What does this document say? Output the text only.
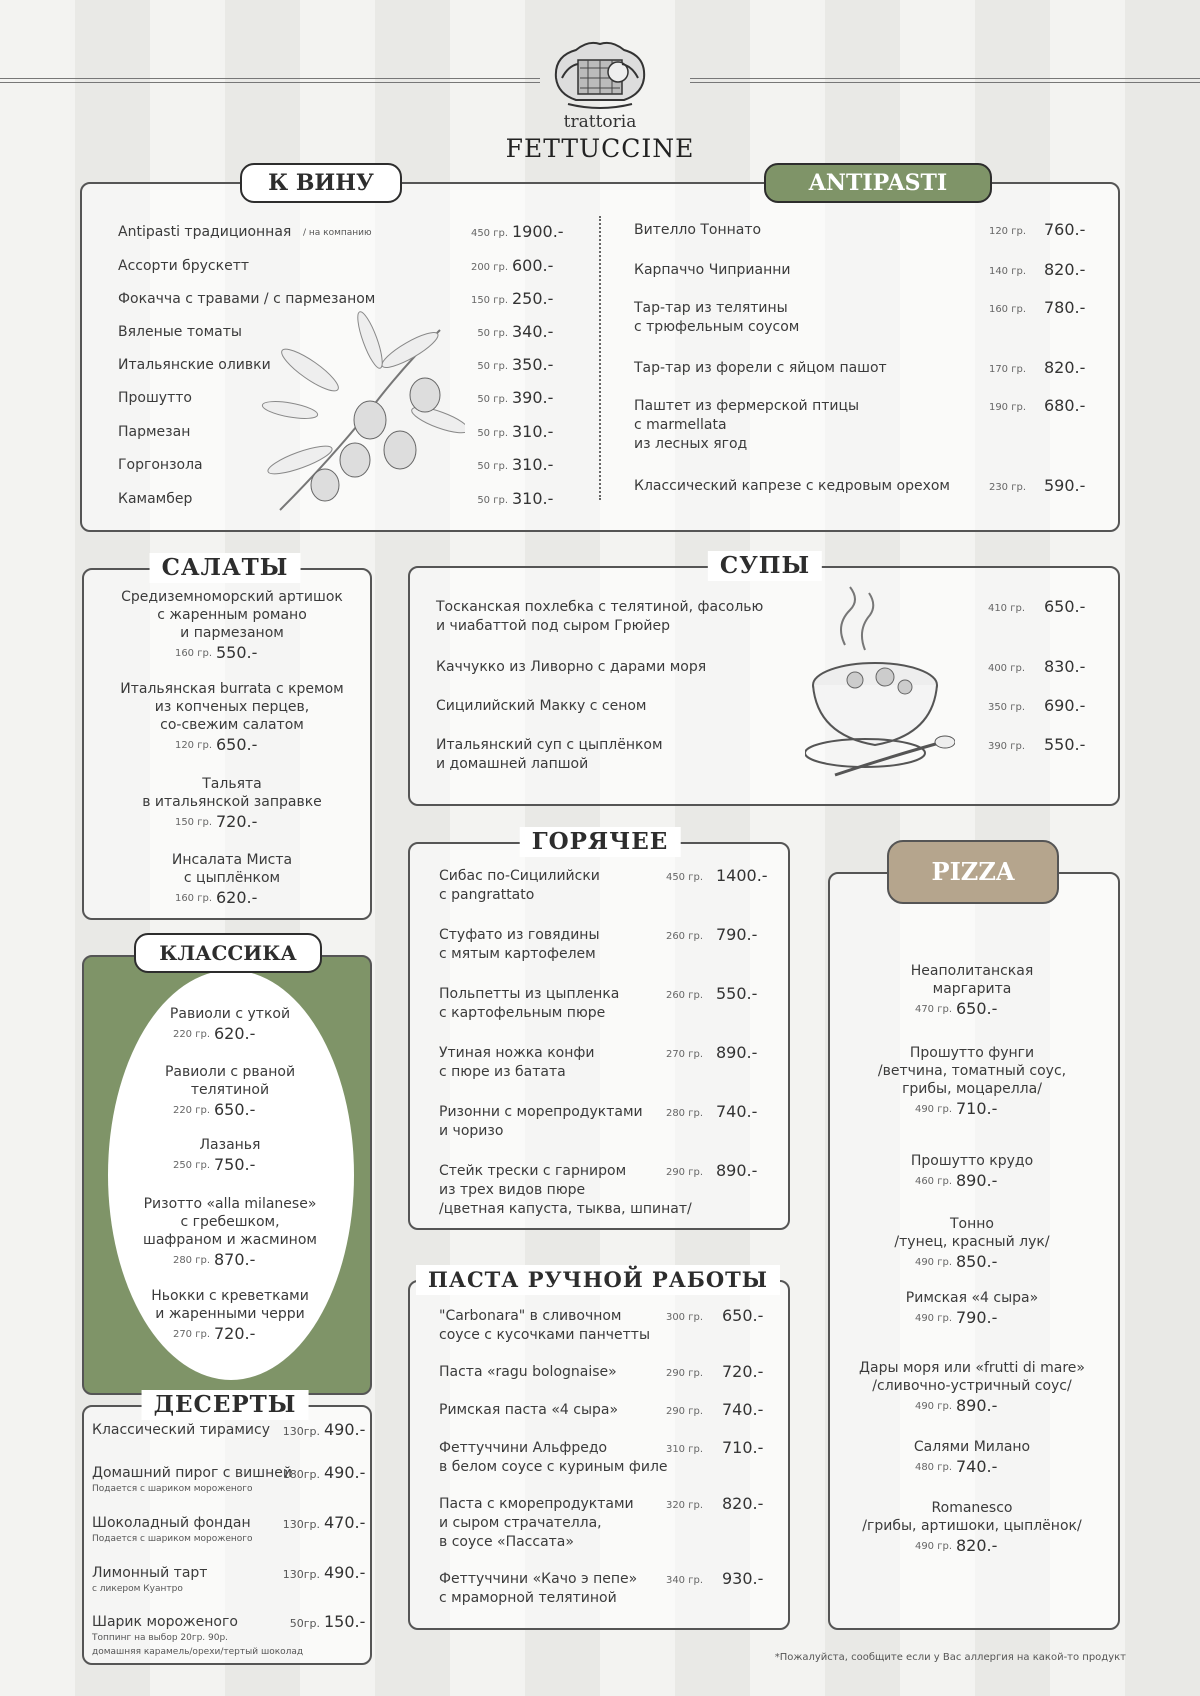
trattoria
FETTUCCINE
К ВИНУ	ANTIPASTI
САЛАТЫ	СУПЫ
КЛАССИКА
ДЕСЕРТЫ
ГОРЯЧЕЕ
ПАСТА РУЧНОЙ РАБОТЫ
PIZZA
*Пожалуйста, сообщите если у Вас аллергия на какой-то продукт
Antipasti традиционная / на компанию	450 гр. 1900.-
Ассорти брускетт	200 гр. 600.-
Фокачча с травами / с пармезаном	150 гр. 250.-
Вяленые томаты	50 гр. 340.-
Итальянские оливки	50 гр. 350.-
Прошутто	50 гр. 390.-
Пармезан	50 гр. 310.-
Горгонзола	50 гр. 310.-
Камамбер	50 гр. 310.-
Вителло Тоннато	120 гр. 760.-
Карпаччо Чиприанни	140 гр. 820.-
Тар-тар из телятины
с трюфельным соусом
160 гр. 780.-
Тар-тар из форели с яйцом пашот	170 гр. 820.-
Паштет из фермерской птицы
с marmellata
из лесных ягод
190 гр. 680.-
Классический капрезе с кедровым орехом	230 гр. 590.-
Средиземноморский артишок
с жаренным романо
и пармезаном
160 гр. 550.-
Итальянская burrata с кремом
из копченых перцев,
со-свежим салатом
120 гр. 650.-
Тальята
в итальянской заправке
150 гр. 720.-
Инсалата Миста
с цыплёнком
160 гр. 620.-
Равиоли с уткой
220 гр. 620.-
Равиоли с рваной
телятиной
220 гр. 650.-
Лазанья
250 гр. 750.-
Ризотто «alla milanese»
с гребешком,
шафраном и жасмином
280 гр. 870.-
Ньокки с креветками
и жаренными черри
270 гр. 720.-
Неаполитанская
маргарита
470 гр. 650.-
Прошутто фунги
/ветчина, томатный соус,
грибы, моцарелла/
490 гр. 710.-
Прошутто крудо
460 гр. 890.-
Тонно
/тунец, красный лук/
490 гр. 850.-
Римская «4 сыра»
490 гр. 790.-
Дары моря или «frutti di mare»
/сливочно-устричный соус/
490 гр. 890.-
Салями Милано
480 гр. 740.-
Romanesco
/грибы, артишоки, цыплёнок/
490 гр. 820.-
Тосканская похлебка с телятиной, фасолью
и чиабаттой под сыром Грюйер
410 гр. 650.-
Каччукко из Ливорно с дарами моря	400 гр. 830.-
Сицилийский Макку с сеном	350 гр. 690.-
Итальянский суп с цыплёнком
и домашней лапшой
390 гр. 550.-
Сибас по-Сицилийски
с pangrattato
450 гр. 1400.-
Стуфато из говядины
с мятым картофелем
260 гр. 790.-
Польпетты из цыпленка
с картофельным пюре
260 гр. 550.-
Утиная ножка конфи
с пюре из батата
270 гр. 890.-
Ризонни с морепродуктами
и чоризо
280 гр. 740.-
Стейк трески с гарниром
из трех видов пюре
/цветная капуста, тыква, шпинат/
290 гр. 890.-
"Carbonara" в сливочном
соусе с кусочками панчетты
300 гр. 650.-
Паста «ragu bolognaise»	290 гр. 720.-
Римская паста «4 сыра»	290 гр. 740.-
Феттуччини Альфредо
в белом соусе с куриным филе
310 гр. 710.-
Паста с кморепродуктами
и сыром страчателла,
в соусе «Пассата»
320 гр. 820.-
Феттуччини «Качо э пепе»
с мраморной телятиной
340 гр. 930.-
Классический тирамису	130гр. 490.-
Домашний пирог с вишней
Подается с шариком мороженого
180гр. 490.-
Шоколадный фондан
Подается с шариком мороженого
130гр. 470.-
Лимонный тарт
с ликером Куантро
130гр. 490.-
Шарик мороженого
Топпинг на выбор 20гр. 90р.
домашняя карамель/орехи/тертый шоколад
50гр. 150.-
